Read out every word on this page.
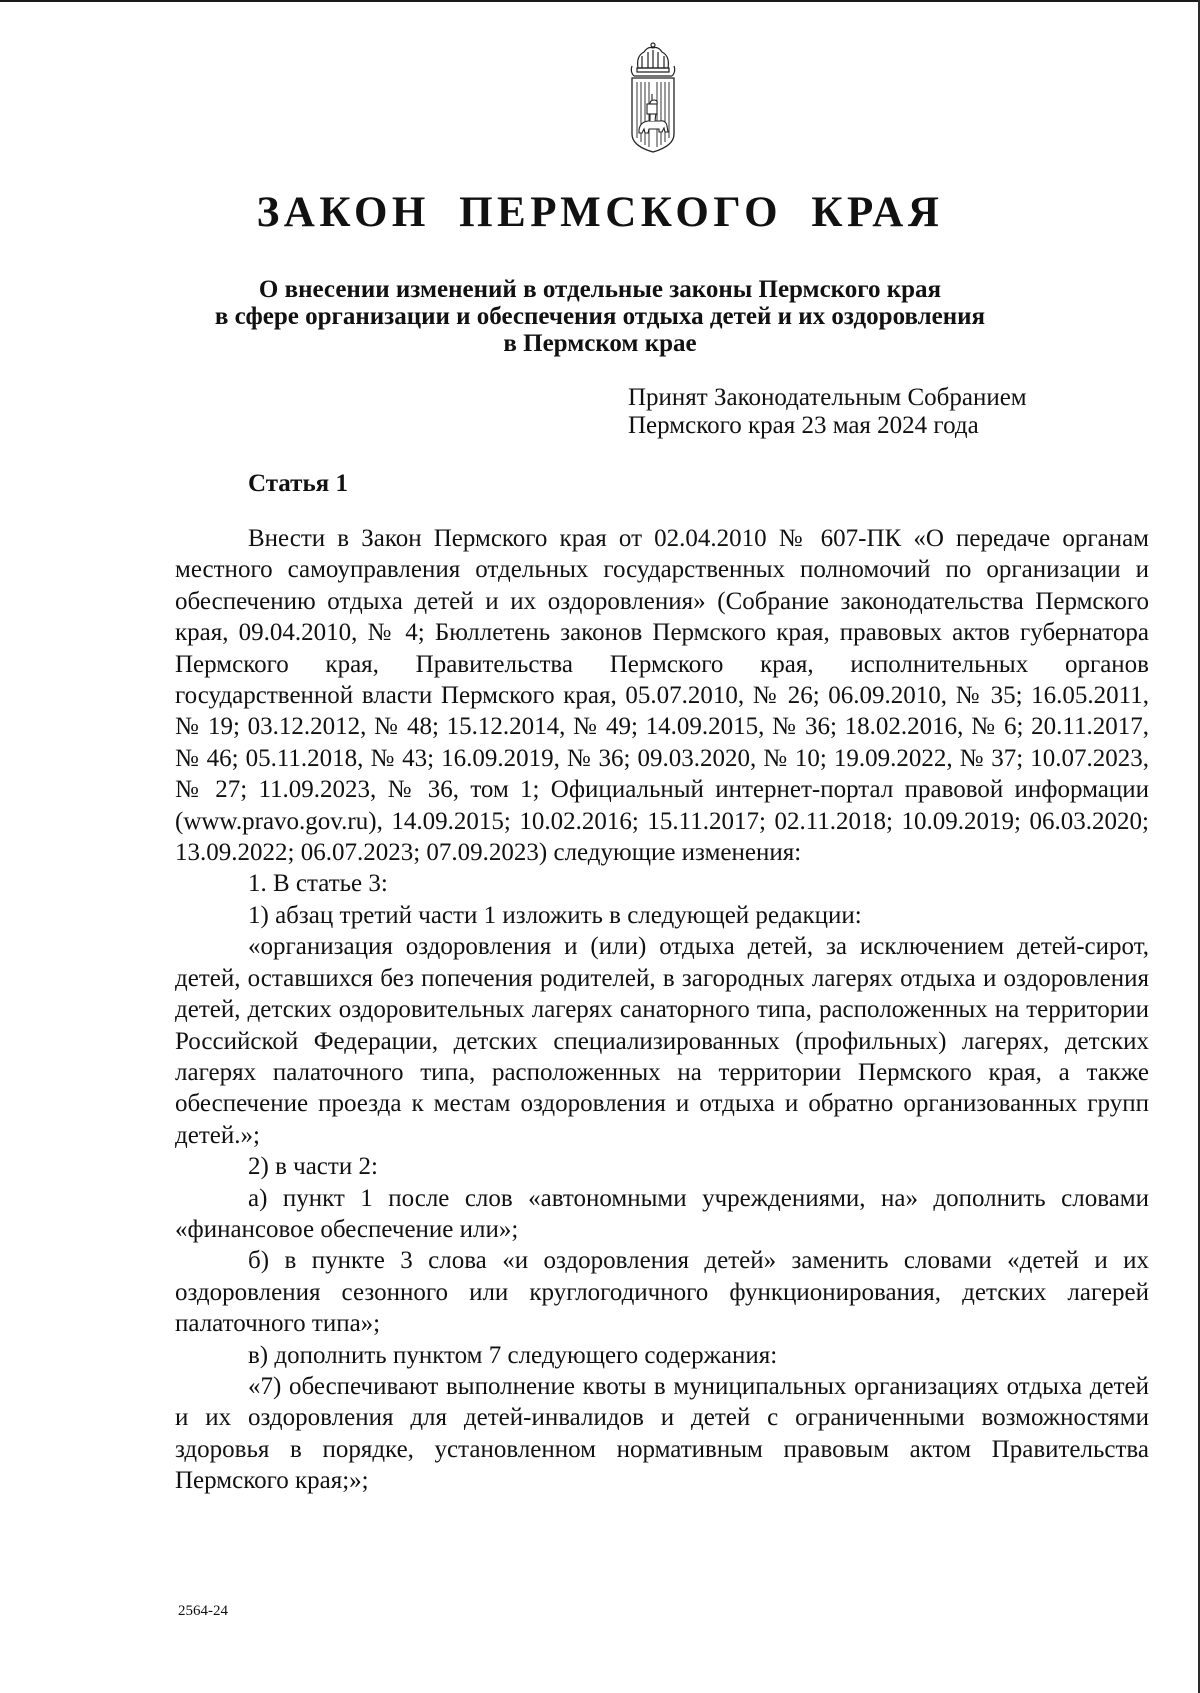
ЗАКОН ПЕРМСКОГО КРАЯ
О внесении изменений в отдельные законы Пермского края
в сфере организации и обеспечения отдыха детей и их оздоровления
в Пермском крае
Принят Законодательным Собранием
Пермского края 23 мая 2024 года
Статья 1

Внести в Закон Пермского края от 02.04.2010 № 607-ПК «О передаче органам местного самоуправления отдельных государственных полномочий по организации и обеспечению отдыха детей и их оздоровления» (Собрание законодательства Пермского края, 09.04.2010, № 4; Бюллетень законов Пермского края, правовых актов губернатора Пермского края, Правительства Пермского края, исполнительных органов государственной власти Пермского края, 05.07.2010, № 26; 06.09.2010, № 35; 16.05.2011, № 19; 03.12.2012, № 48; 15.12.2014, № 49; 14.09.2015, № 36; 18.02.2016, № 6; 20.11.2017, № 46; 05.11.2018, № 43; 16.09.2019, № 36; 09.03.2020, № 10; 19.09.2022, № 37; 10.07.2023, № 27; 11.09.2023, № 36, том 1; Официальный интернет-портал правовой информации (www.pravo.gov.ru), 14.09.2015; 10.02.2016; 15.11.2017; 02.11.2018; 10.09.2019; 06.03.2020; 13.09.2022; 06.07.2023; 07.09.2023) следующие изменения:

1. В статье 3:

1) абзац третий части 1 изложить в следующей редакции:

«организация оздоровления и (или) отдыха детей, за исключением детей-сирот, детей, оставшихся без попечения родителей, в загородных лагерях отдыха и оздоровления детей, детских оздоровительных лагерях санаторного типа, расположенных на территории Российской Федерации, детских специализированных (профильных) лагерях, детских лагерях палаточного типа, расположенных на территории Пермского края, а также обеспечение проезда к местам оздоровления и отдыха и обратно организованных групп детей.»;

2) в части 2:

а) пункт 1 после слов «автономными учреждениями, на» дополнить словами «финансовое обеспечение или»;

б) в пункте 3 слова «и оздоровления детей» заменить словами «детей и их оздоровления сезонного или круглогодичного функционирования, детских лагерей палаточного типа»;

в) дополнить пунктом 7 следующего содержания:

«7) обеспечивают выполнение квоты в муниципальных организациях отдыха детей и их оздоровления для детей-инвалидов и детей с ограниченными возможностями здоровья в порядке, установленном нормативным правовым актом Правительства Пермского края;»;

2564-24
